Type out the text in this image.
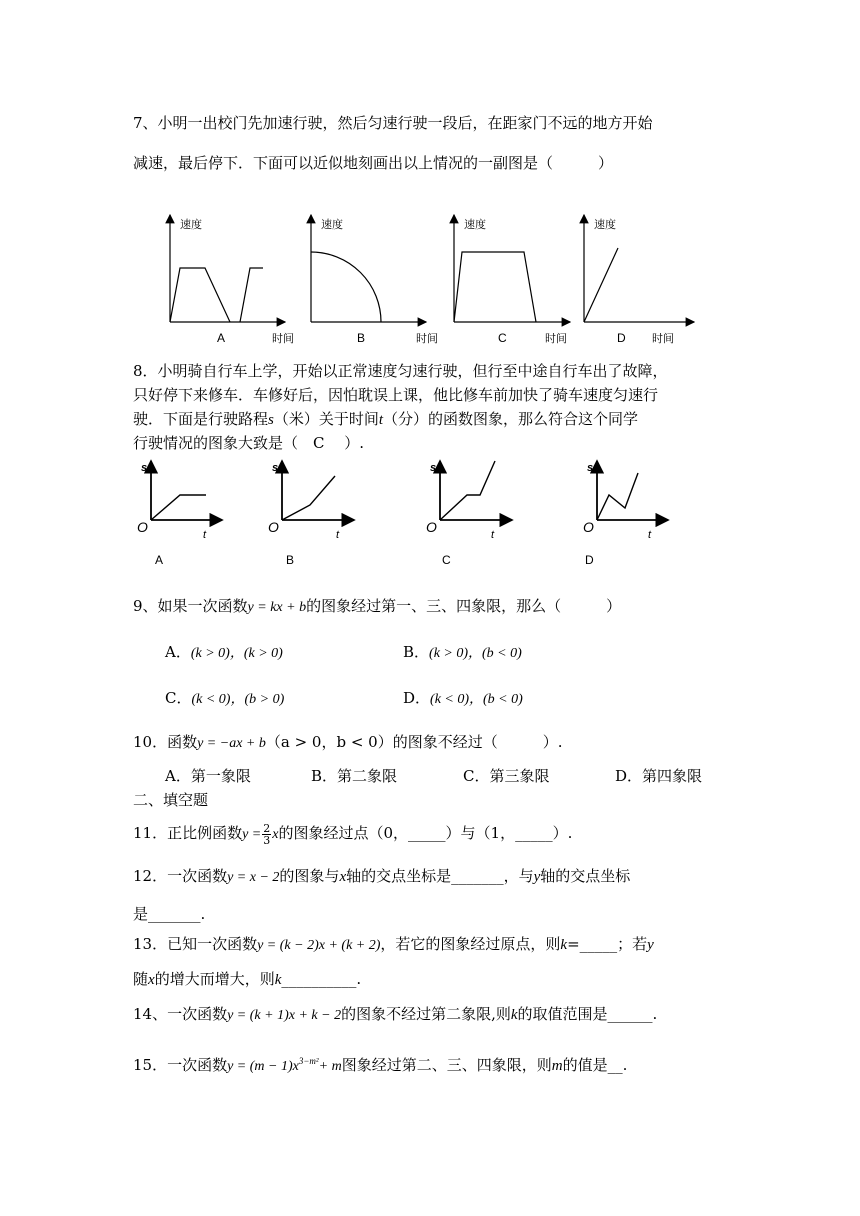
7、小明一出校门先加速行驶，然后匀速行驶一段后，在距家门不远的地方开始
减速，最后停下．下面可以近似地刻画出以上情况的一副图是（　　　）
速度
A	时间
速度
B	时间
速度
C	时间
速度
D 时间
8．小明骑自行车上学，开始以正常速度匀速行驶，但行至中途自行车出了故障，
只好停下来修车．车修好后，因怕耽误上课，他比修车前加快了骑车速度匀速行
驶．下面是行驶路程s（米）关于时间t（分）的函数图象，那么符合这个同学
行驶情况的图象大致是（　C　 ）.
s
O	t
A
s
O	t
B
s
O	t
C
s
O	t
D
9、如果一次函数y = kx + b的图象经过第一、三、四象限，那么（　　　）
A．(k > 0)，(k > 0)	B．(k > 0)，(b < 0)
C．(k < 0)，(b > 0)	D．(k < 0)，(b < 0)
10．函数y = −ax + b（a > 0，b < 0）的图象不经过（　　　）.
A．第一象限	B．第二象限	C．第三象限	D．第四象限
二、填空题
11．正比例函数$y = \frac{2}{3}$ x的图象经过点（0，_____）与（1，_____）.
12．一次函数y = x − 2的图象与x轴的交点坐标是_______，与y轴的交点坐标
是_______.
13．已知一次函数y = (k − 2)x + (k + 2)，若它的图象经过原点，则k=_____；若y
随x的增大而增大，则k__________.
14、一次函数y = (k + 1)x + k − 2的图象不经过第二象限,则k的取值范围是______.
15．一次函数$y = (m - 1)x^{3-m^2}+ m$图象经过第二、三、四象限，则m的值是__.
